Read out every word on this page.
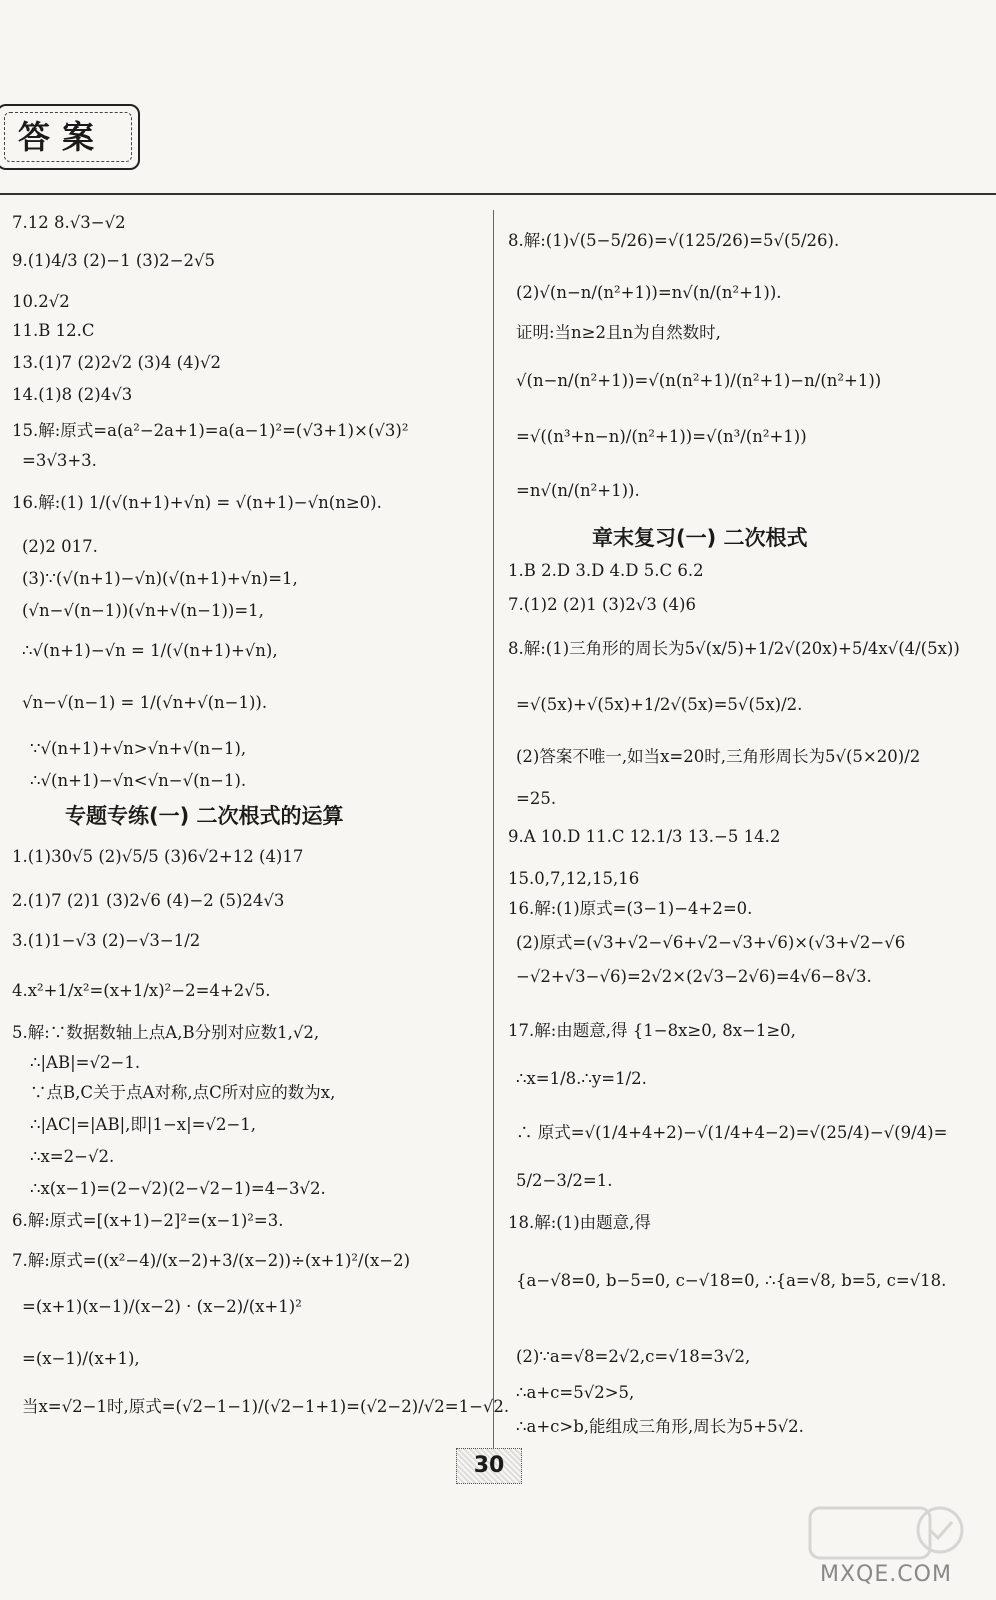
答案
7.12 8.√3−√2
9.(1)4/3 (2)−1 (3)2−2√5
10.2√2
11.B 12.C
13.(1)7 (2)2√2 (3)4 (4)√2
14.(1)8 (2)4√3
15.解:原式=a(a²−2a+1)=a(a−1)²=(√3+1)×(√3)²
=3√3+3.
16.解:(1) 1/(√(n+1)+√n) = √(n+1)−√n(n≥0).
(2)2 017.
(3)∵(√(n+1)−√n)(√(n+1)+√n)=1,
(√n−√(n−1))(√n+√(n−1))=1,
∴√(n+1)−√n = 1/(√(n+1)+√n),
√n−√(n−1) = 1/(√n+√(n−1)).
∵√(n+1)+√n>√n+√(n−1),
∴√(n+1)−√n<√n−√(n−1).
专题专练(一) 二次根式的运算
1.(1)30√5 (2)√5/5 (3)6√2+12 (4)17
2.(1)7 (2)1 (3)2√6 (4)−2 (5)24√3
3.(1)1−√3 (2)−√3−1/2
4.x²+1/x²=(x+1/x)²−2=4+2√5.
5.解:∵数据数轴上点A,B分别对应数1,√2,
∴|AB|=√2−1.
∵点B,C关于点A对称,点C所对应的数为x,
∴|AC|=|AB|,即|1−x|=√2−1,
∴x=2−√2.
∴x(x−1)=(2−√2)(2−√2−1)=4−3√2.
6.解:原式=[(x+1)−2]²=(x−1)²=3.
7.解:原式=((x²−4)/(x−2)+3/(x−2))÷(x+1)²/(x−2)
=(x+1)(x−1)/(x−2) · (x−2)/(x+1)²
=(x−1)/(x+1),
当x=√2−1时,原式=(√2−1−1)/(√2−1+1)=(√2−2)/√2=1−√2.
8.解:(1)√(5−5/26)=√(125/26)=5√(5/26).
(2)√(n−n/(n²+1))=n√(n/(n²+1)).
证明:当n≥2且n为自然数时,
√(n−n/(n²+1))=√(n(n²+1)/(n²+1)−n/(n²+1))
=√((n³+n−n)/(n²+1))=√(n³/(n²+1))
=n√(n/(n²+1)).
章末复习(一) 二次根式
1.B 2.D 3.D 4.D 5.C 6.2
7.(1)2 (2)1 (3)2√3 (4)6
8.解:(1)三角形的周长为5√(x/5)+1/2√(20x)+5/4x√(4/(5x))
=√(5x)+√(5x)+1/2√(5x)=5√(5x)/2.
(2)答案不唯一,如当x=20时,三角形周长为5√(5×20)/2
=25.
9.A 10.D 11.C 12.1/3 13.−5 14.2
15.0,7,12,15,16
16.解:(1)原式=(3−1)−4+2=0.
(2)原式=(√3+√2−√6+√2−√3+√6)×(√3+√2−√6
−√2+√3−√6)=2√2×(2√3−2√6)=4√6−8√3.
17.解:由题意,得 {1−8x≥0, 8x−1≥0,
∴x=1/8.∴y=1/2.
∴ 原式=√(1/4+4+2)−√(1/4+4−2)=√(25/4)−√(9/4)=
5/2−3/2=1.
18.解:(1)由题意,得
{a−√8=0, b−5=0, c−√18=0, ∴{a=√8, b=5, c=√18.
(2)∵a=√8=2√2,c=√18=3√2,
∴a+c=5√2>5,
∴a+c>b,能组成三角形,周长为5+5√2.
30
MXQE.COM
